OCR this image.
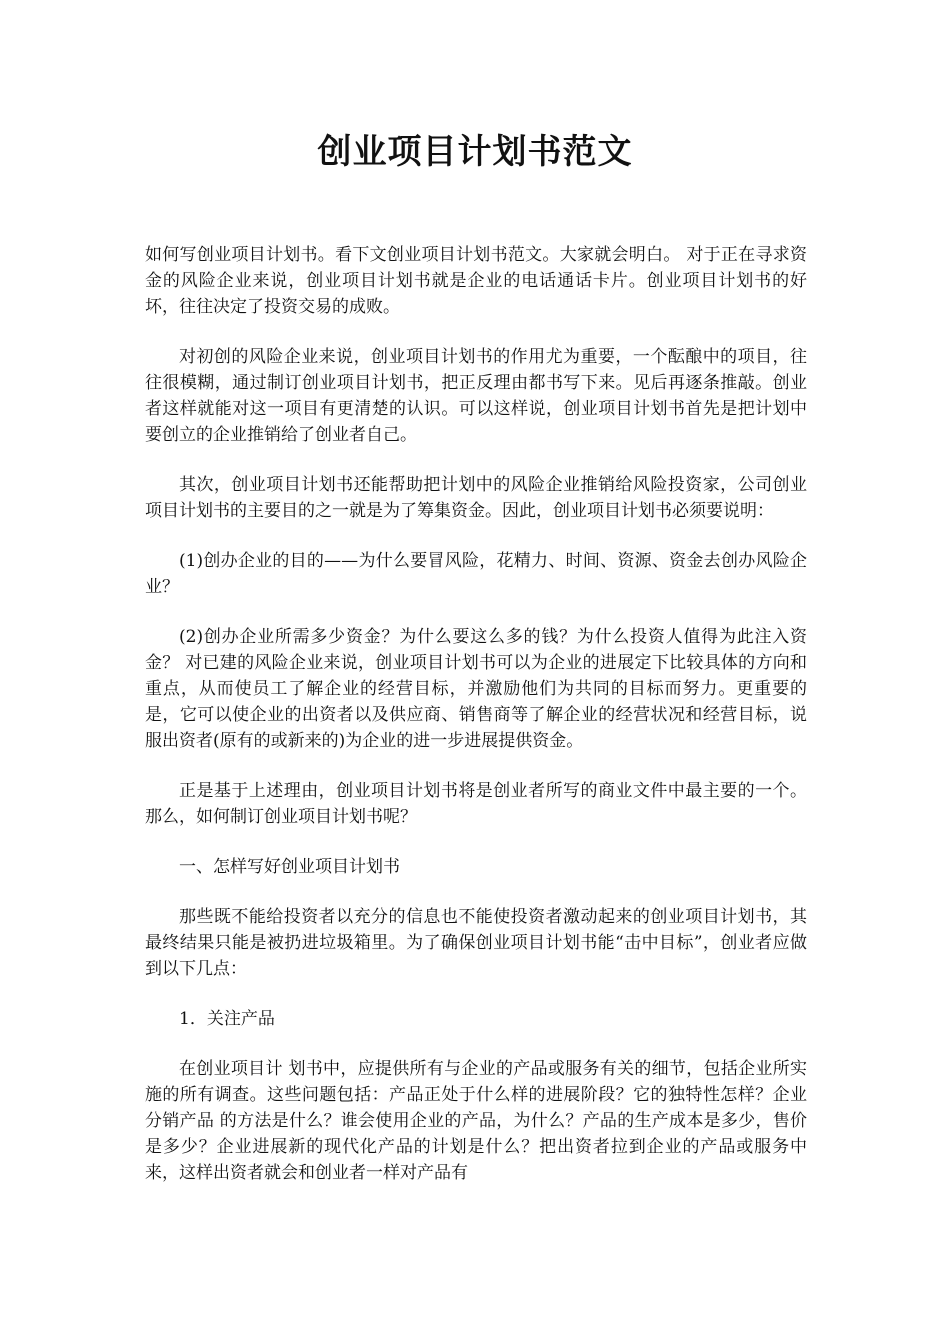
创业项目计划书范文

如何写创业项目计划书。看下文创业项目计划书范文。大家就会明白。 对于正在寻求资金的风险企业来说，创业项目计划书就是企业的电话通话卡片。创业项目计划书的好坏，往往决定了投资交易的成败。

对初创的风险企业来说，创业项目计划书的作用尤为重要，一个酝酿中的项目，往往很模糊，通过制订创业项目计划书，把正反理由都书写下来。见后再逐条推敲。创业者这样就能对这一项目有更清楚的认识。可以这样说，创业项目计划书首先是把计划中要创立的企业推销给了创业者自己。

其次，创业项目计划书还能帮助把计划中的风险企业推销给风险投资家，公司创业项目计划书的主要目的之一就是为了筹集资金。因此，创业项目计划书必须要说明：

(1)创办企业的目的——为什么要冒风险，花精力、时间、资源、资金去创办风险企业？

(2)创办企业所需多少资金？为什么要这么多的钱？为什么投资人值得为此注入资金？ 对已建的风险企业来说，创业项目计划书可以为企业的进展定下比较具体的方向和重点，从而使员工了解企业的经营目标，并激励他们为共同的目标而努力。更重要的是，它可以使企业的出资者以及供应商、销售商等了解企业的经营状况和经营目标，说服出资者(原有的或新来的)为企业的进一步进展提供资金。

正是基于上述理由，创业项目计划书将是创业者所写的商业文件中最主要的一个。那么，如何制订创业项目计划书呢？

一、怎样写好创业项目计划书

那些既不能给投资者以充分的信息也不能使投资者激动起来的创业项目计划书，其最终结果只能是被扔进垃圾箱里。为了确保创业项目计划书能“击中目标”，创业者应做到以下几点：

1．关注产品

在创业项目计 划书中，应提供所有与企业的产品或服务有关的细节，包括企业所实施的所有调查。这些问题包括：产品正处于什么样的进展阶段？它的独特性怎样？企业分销产品 的方法是什么？谁会使用企业的产品，为什么？产品的生产成本是多少，售价是多少？企业进展新的现代化产品的计划是什么？把出资者拉到企业的产品或服务中 来，这样出资者就会和创业者一样对产品有
